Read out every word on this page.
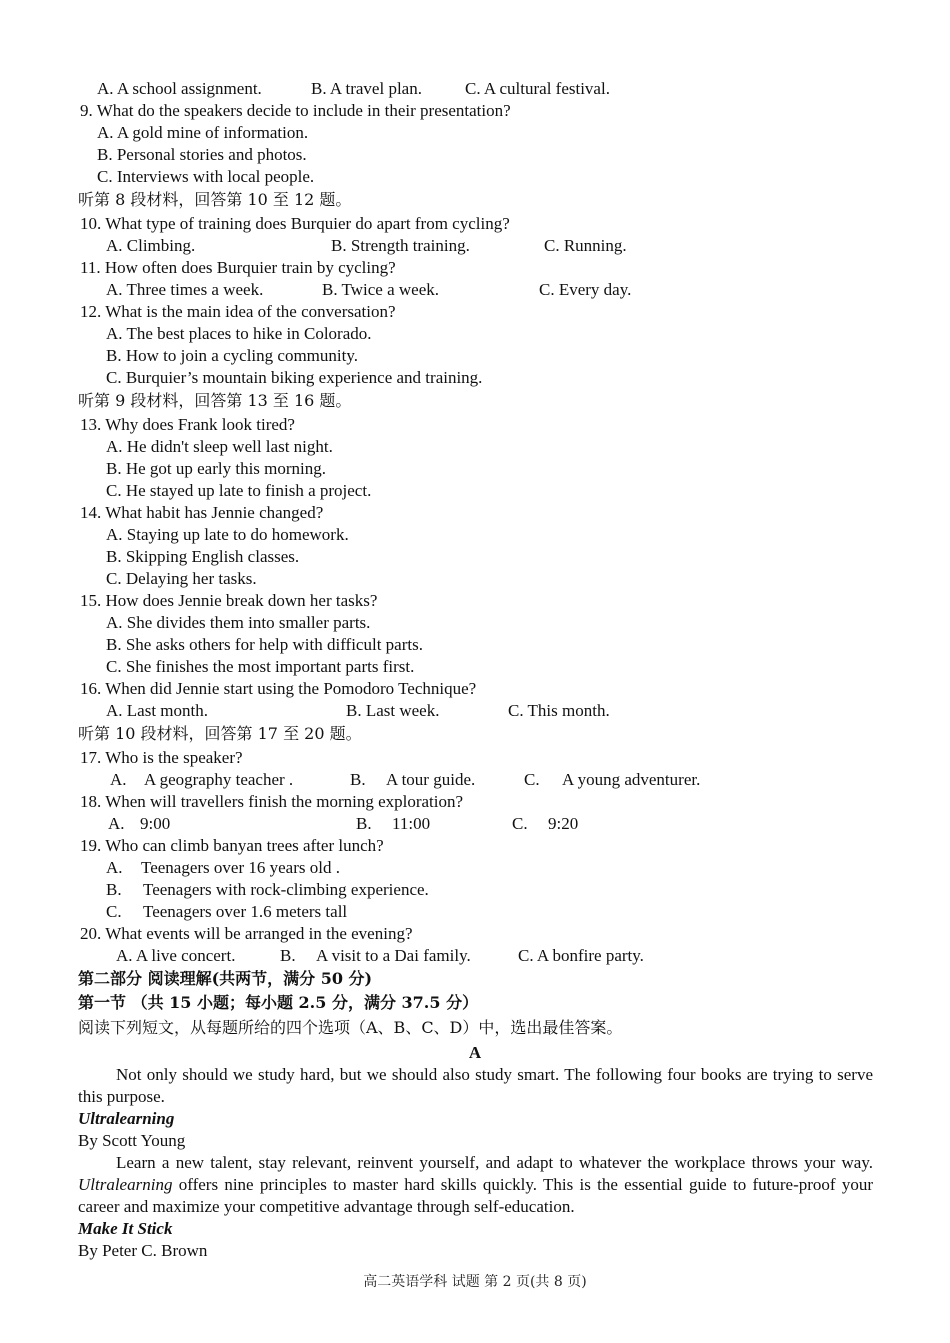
A. A school assignment.	B. A travel plan.	C. A cultural festival.
9. What do the speakers decide to include in their presentation?
A. A gold mine of information.
B. Personal stories and photos.
C. Interviews with local people.
听第 8 段材料，回答第 10 至 12 题。
10. What type of training does Burquier do apart from cycling?
A. Climbing.	B. Strength training.	C. Running.
11. How often does Burquier train by cycling?
A. Three times a week.	B. Twice a week.	C. Every day.
12. What is the main idea of the conversation?
A. The best places to hike in Colorado.
B. How to join a cycling community.
C. Burquier’s mountain biking experience and training.
听第 9 段材料，回答第 13 至 16 题。
13. Why does Frank look tired?
A. He didn't sleep well last night.
B. He got up early this morning.
C. He stayed up late to finish a project.
14. What habit has Jennie changed?
A. Staying up late to do homework.
B. Skipping English classes.
C. Delaying her tasks.
15. How does Jennie break down her tasks?
A. She divides them into smaller parts.
B. She asks others for help with difficult parts.
C. She finishes the most important parts first.
16. When did Jennie start using the Pomodoro Technique?
A. Last month.	B. Last week.	C. This month.
听第 10 段材料，回答第 17 至 20 题。
17. Who is the speaker?
A. A geography teacher .	B. A tour guide.	C. A young adventurer.
18. When will travellers finish the morning exploration?
A. 9:00	B. 11:00	C. 9:20
19. Who can climb banyan trees after lunch?
A. Teenagers over 16 years old .
B. Teenagers with rock-climbing experience.
C. Teenagers over 1.6 meters tall
20. What events will be arranged in the evening?
A. A live concert.	B. A visit to a Dai family.	C. A bonfire party.
第二部分 阅读理解(共两节，满分 50 分)
第一节 （共 15 小题；每小题 2.5 分，满分 37.5 分）
阅读下列短文，从每题所给的四个选项（A、B、C、D）中，选出最佳答案。
A
Not only should we study hard, but we should also study smart. The following four books are trying to serve this purpose.
Ultralearning
By Scott Young
Learn a new talent, stay relevant, reinvent yourself, and adapt to whatever the workplace throws your way. Ultralearning offers nine principles to master hard skills quickly. This is the essential guide to future-proof your career and maximize your competitive advantage through self-education.
Make It Stick
By Peter C. Brown
高二英语学科 试题 第 2 页(共 8 页)
